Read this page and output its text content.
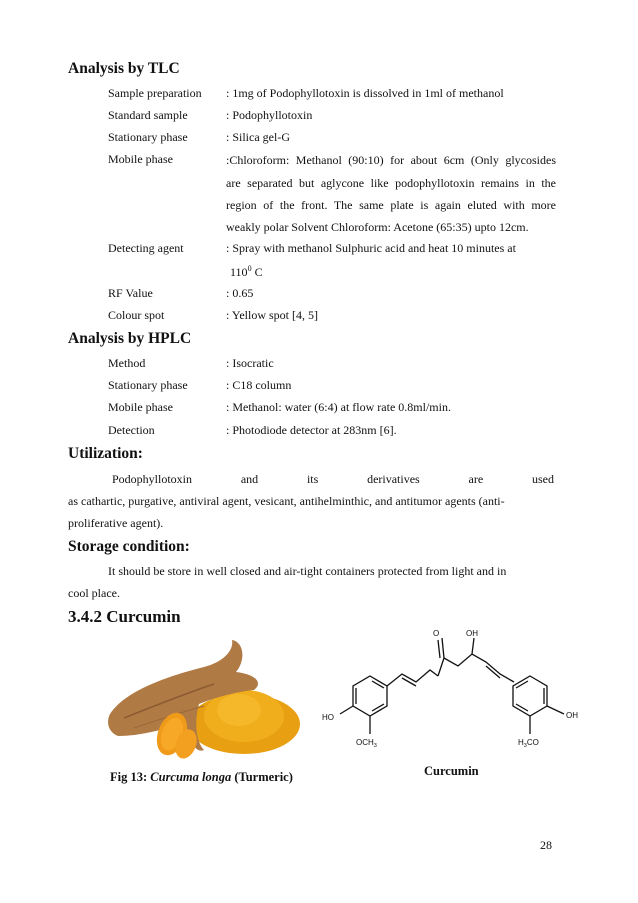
Analysis by TLC
Sample preparation : 1mg of Podophyllotoxin is dissolved in 1ml of methanol
Standard sample	: Podophyllotoxin
Stationary phase	: Silica gel-G
Mobile phase	:Chloroform: Methanol (90:10) for about 6cm (Only glycosides
are separated but aglycone like podophyllotoxin remains in the
region of the front. The same plate is again eluted with more
weakly polar Solvent Chloroform: Acetone (65:35) upto 12cm.
Detecting agent	: Spray with methanol Sulphuric acid and heat 10 minutes at
$110^0$ C
RF Value	: 0.65
Colour spot	: Yellow spot [4, 5]
Analysis by HPLC
Method	: Isocratic
Stationary phase	: C18 column
Mobile phase	: Methanol: water (6:4) at flow rate 0.8ml/min.
Detection	: Photodiode detector at 283nm [6].
Utilization:
Podophyllotoxin	and	its	derivatives	are	used
as cathartic, purgative, antiviral agent, vesicant, antihelminthic, and antitumor agents (anti-
proliferative agent).
Storage condition:
It should be store in well closed and air-tight containers protected from light and in
cool place.
3.4.2 Curcumin
Fig 13: Curcuma longa (Turmeric)
O	OH
HO	OH
$OCH_3$	$H_3CO$
Curcumin
28
